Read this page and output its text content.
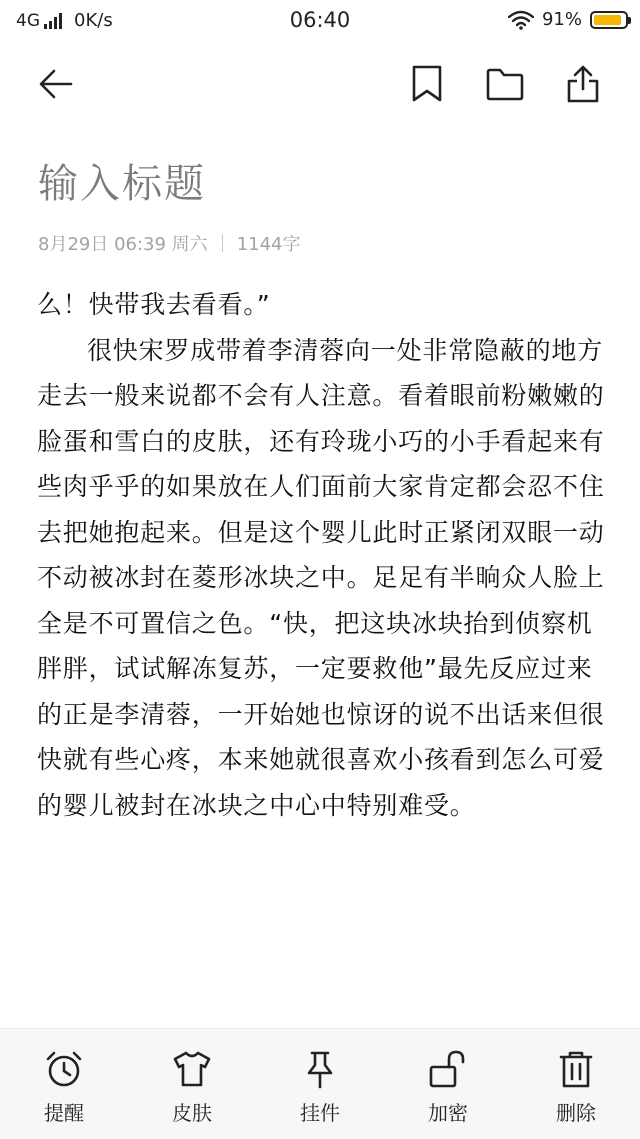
4G 0K/s	06:40	91%
输入标题
8月29日 06:39 周六 1144字

么！快带我去看看。”

很快宋罗成带着李清蓉向一处非常隐蔽的地方走去一般来说都不会有人注意。看着眼前粉嫩嫩的脸蛋和雪白的皮肤，还有玲珑小巧的小手看起来有些肉乎乎的如果放在人们面前大家肯定都会忍不住去把她抱起来。但是这个婴儿此时正紧闭双眼一动不动被冰封在菱形冰块之中。足足有半晌众人脸上全是不可置信之色。“快，把这块冰块抬到侦察机胖胖，试试解冻复苏，一定要救他”最先反应过来的正是李清蓉，一开始她也惊讶的说不出话来但很快就有些心疼，本来她就很喜欢小孩看到怎么可爱的婴儿被封在冰块之中心中特别难受。

提醒	皮肤	挂件	加密	删除
